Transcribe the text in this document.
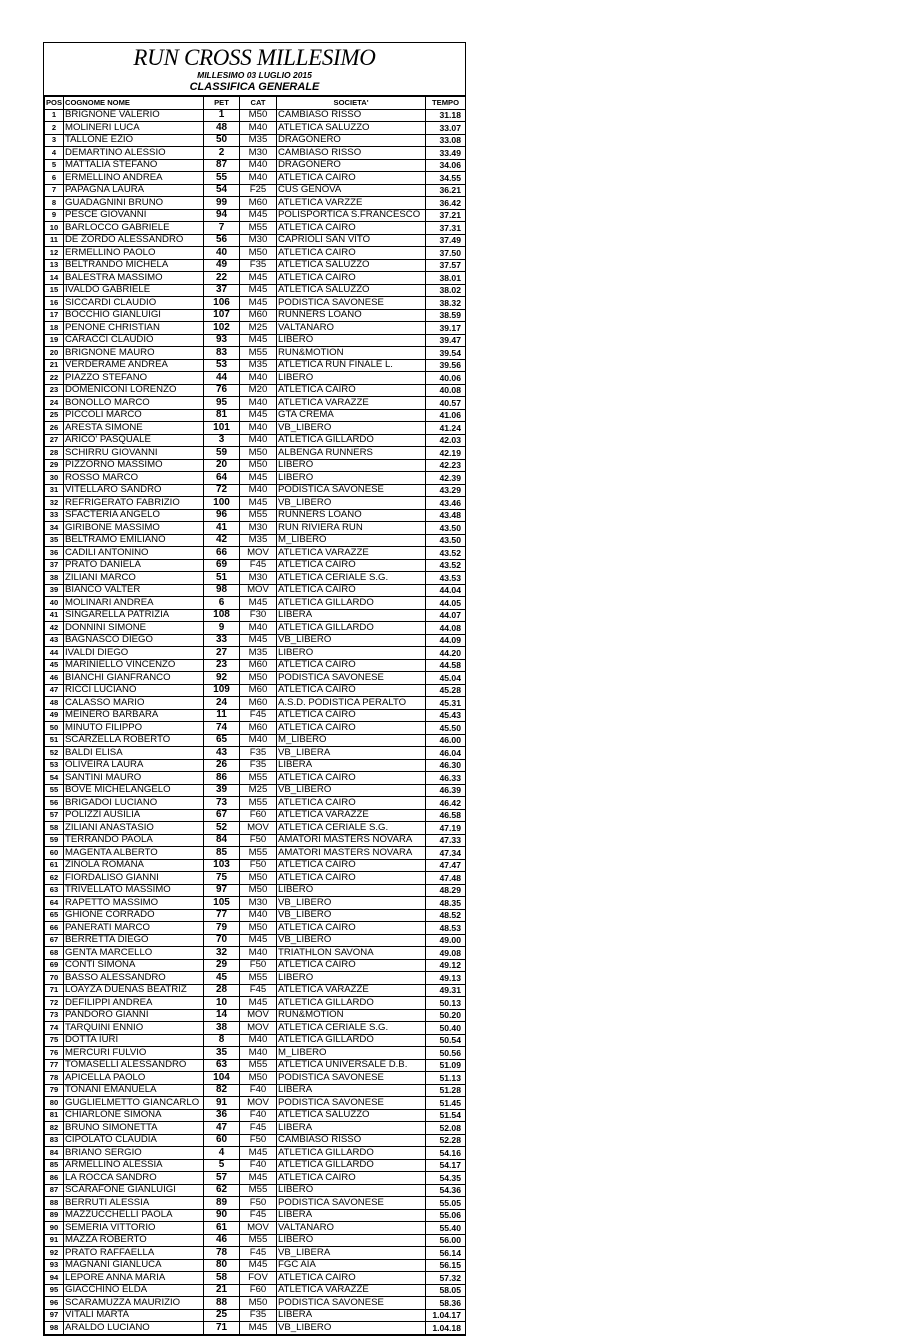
RUN CROSS MILLESIMO
MILLESIMO 03 LUGLIO 2015
CLASSIFICA GENERALE
POS	COGNOME NOME	PET	CAT	SOCIETA'	TEMPO
1	BRIGNONE VALERIO	1	M50	CAMBIASO RISSO	31.18
2	MOLINERI LUCA	48	M40	ATLETICA SALUZZO	33.07
3	TALLONE EZIO	50	M35	DRAGONERO	33.08
4	DEMARTINO ALESSIO	2	M30	CAMBIASO RISSO	33.49
5	MATTALIA STEFANO	87	M40	DRAGONERO	34.06
6	ERMELLINO ANDREA	55	M40	ATLETICA CAIRO	34.55
7	PAPAGNA LAURA	54	F25	CUS GENOVA	36.21
8	GUADAGNINI BRUNO	99	M60	ATLETICA VARZZE	36.42
9	PESCE GIOVANNI	94	M45	POLISPORTICA S.FRANCESCO	37.21
10	BARLOCCO GABRIELE	7	M55	ATLETICA CAIRO	37.31
11	DE ZORDO ALESSANDRO	56	M30	CAPRIOLI SAN VITO	37.49
12	ERMELLINO PAOLO	40	M50	ATLETICA CAIRO	37.50
13	BELTRANDO MICHELA	49	F35	ATLETICA SALUZZO	37.57
14	BALESTRA MASSIMO	22	M45	ATLETICA CAIRO	38.01
15	IVALDO GABRIELE	37	M45	ATLETICA SALUZZO	38.02
16	SICCARDI CLAUDIO	106	M45	PODISTICA SAVONESE	38.32
17	BOCCHIO GIANLUIGI	107	M60	RUNNERS LOANO	38.59
18	PENONE CHRISTIAN	102	M25	VALTANARO	39.17
19	CARACCI CLAUDIO	93	M45	LIBERO	39.47
20	BRIGNONE MAURO	83	M55	RUN&MOTION	39.54
21	VERDERAME ANDREA	53	M35	ATLETICA RUN FINALE L.	39.56
22	PIAZZO STEFANO	44	M40	LIBERO	40.06
23	DOMENICONI LORENZO	76	M20	ATLETICA CAIRO	40.08
24	BONOLLO MARCO	95	M40	ATLETICA VARAZZE	40.57
25	PICCOLI MARCO	81	M45	GTA CREMA	41.06
26	ARESTA SIMONE	101	M40	VB_LIBERO	41.24
27	ARICO' PASQUALE	3	M40	ATLETICA GILLARDO	42.03
28	SCHIRRU GIOVANNI	59	M50	ALBENGA RUNNERS	42.19
29	PIZZORNO MASSIMO	20	M50	LIBERO	42.23
30	ROSSO MARCO	64	M45	LIBERO	42.39
31	VITELLARO SANDRO	72	M40	PODISTICA SAVONESE	43.29
32	REFRIGERATO FABRIZIO	100	M45	VB_LIBERO	43.46
33	SFACTERIA ANGELO	96	M55	RUNNERS LOANO	43.48
34	GIRIBONE MASSIMO	41	M30	RUN RIVIERA RUN	43.50
35	BELTRAMO EMILIANO	42	M35	M_LIBERO	43.50
36	CADILI ANTONINO	66	MOV	ATLETICA VARAZZE	43.52
37	PRATO DANIELA	69	F45	ATLETICA CAIRO	43.52
38	ZILIANI MARCO	51	M30	ATLETICA CERIALE S.G.	43.53
39	BIANCO VALTER	98	MOV	ATLETICA CAIRO	44.04
40	MOLINARI ANDREA	6	M45	ATLETICA GILLARDO	44.05
41	SINGARELLA PATRIZIA	108	F30	LIBERA	44.07
42	DONNINI SIMONE	9	M40	ATLETICA GILLARDO	44.08
43	BAGNASCO DIEGO	33	M45	VB_LIBERO	44.09
44	IVALDI DIEGO	27	M35	LIBERO	44.20
45	MARINIELLO VINCENZO	23	M60	ATLETICA CAIRO	44.58
46	BIANCHI GIANFRANCO	92	M50	PODISTICA SAVONESE	45.04
47	RICCI LUCIANO	109	M60	ATLETICA CAIRO	45.28
48	CALASSO MARIO	24	M60	A.S.D. PODISTICA PERALTO	45.31
49	MEINERO BARBARA	11	F45	ATLETICA CAIRO	45.43
50	MINUTO FILIPPO	74	M60	ATLETICA CAIRO	45.50
51	SCARZELLA ROBERTO	65	M40	M_LIBERO	46.00
52	BALDI ELISA	43	F35	VB_LIBERA	46.04
53	OLIVEIRA LAURA	26	F35	LIBERA	46.30
54	SANTINI MAURO	86	M55	ATLETICA CAIRO	46.33
55	BOVE MICHELANGELO	39	M25	VB_LIBERO	46.39
56	BRIGADOI LUCIANO	73	M55	ATLETICA CAIRO	46.42
57	POLIZZI AUSILIA	67	F60	ATLETICA VARAZZE	46.58
58	ZILIANI ANASTASIO	52	MOV	ATLETICA CERIALE S.G.	47.19
59	TERRANDO PAOLA	84	F50	AMATORI MASTERS NOVARA	47.33
60	MAGENTA ALBERTO	85	M55	AMATORI MASTERS NOVARA	47.34
61	ZINOLA ROMANA	103	F50	ATLETICA CAIRO	47.47
62	FIORDALISO GIANNI	75	M50	ATLETICA CAIRO	47.48
63	TRIVELLATO MASSIMO	97	M50	LIBERO	48.29
64	RAPETTO MASSIMO	105	M30	VB_LIBERO	48.35
65	GHIONE CORRADO	77	M40	VB_LIBERO	48.52
66	PANERATI MARCO	79	M50	ATLETICA CAIRO	48.53
67	BERRETTA DIEGO	70	M45	VB_LIBERO	49.00
68	GENTA MARCELLO	32	M40	TRIATHLON SAVONA	49.08
69	CONTI SIMONA	29	F50	ATLETICA CAIRO	49.12
70	BASSO ALESSANDRO	45	M55	LIBERO	49.13
71	LOAYZA DUENAS BEATRIZ	28	F45	ATLETICA VARAZZE	49.31
72	DEFILIPPI ANDREA	10	M45	ATLETICA GILLARDO	50.13
73	PANDORO GIANNI	14	MOV	RUN&MOTION	50.20
74	TARQUINI ENNIO	38	MOV	ATLETICA CERIALE S.G.	50.40
75	DOTTA IURI	8	M40	ATLETICA GILLARDO	50.54
76	MERCURI FULVIO	35	M40	M_LIBERO	50.56
77	TOMASELLI ALESSANDRO	63	M55	ATLETICA UNIVERSALE D.B.	51.09
78	APICELLA PAOLO	104	M50	PODISTICA SAVONESE	51.13
79	TONANI EMANUELA	82	F40	LIBERA	51.28
80	GUGLIELMETTO GIANCARLO	91	MOV	PODISTICA SAVONESE	51.45
81	CHIARLONE SIMONA	36	F40	ATLETICA SALUZZO	51.54
82	BRUNO SIMONETTA	47	F45	LIBERA	52.08
83	CIPOLATO CLAUDIA	60	F50	CAMBIASO RISSO	52.28
84	BRIANO SERGIO	4	M45	ATLETICA GILLARDO	54.16
85	ARMELLINO ALESSIA	5	F40	ATLETICA GILLARDO	54.17
86	LA ROCCA SANDRO	57	M45	ATLETICA CAIRO	54.35
87	SCARAFONE GIANLUIGI	62	M55	LIBERO	54.36
88	BERRUTI ALESSIA	89	F50	PODISTICA SAVONESE	55.05
89	MAZZUCCHELLI PAOLA	90	F45	LIBERA	55.06
90	SEMERIA VITTORIO	61	MOV	VALTANARO	55.40
91	MAZZA ROBERTO	46	M55	LIBERO	56.00
92	PRATO RAFFAELLA	78	F45	VB_LIBERA	56.14
93	MAGNANI GIANLUCA	80	M45	FGC AIA	56.15
94	LEPORE ANNA MARIA	58	FOV	ATLETICA CAIRO	57.32
95	GIACCHINO ELDA	21	F60	ATLETICA VARAZZE	58.05
96	SCARAMUZZA MAURIZIO	88	M50	PODISTICA SAVONESE	58.36
97	VITALI MARTA	25	F35	LIBERA	1.04.17
98	ARALDO LUCIANO	71	M45	VB_LIBERO	1.04.18
